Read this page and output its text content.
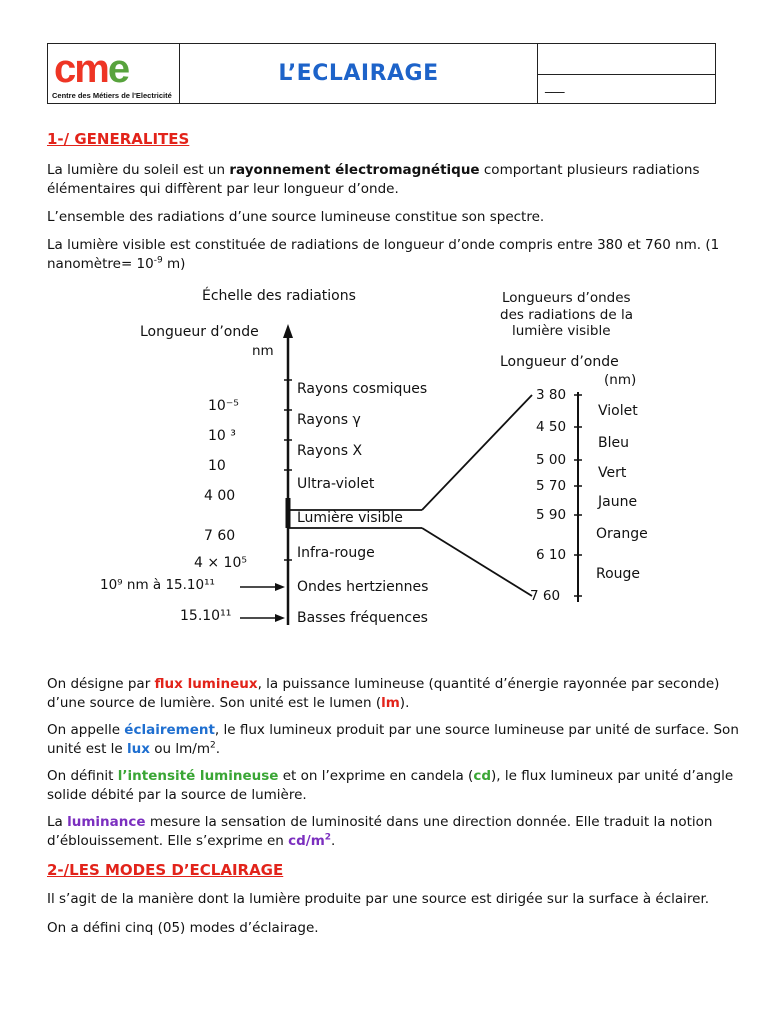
cme
Centre des Métiers de l'Electricité
L’ECLAIRAGE
___
1-/ GENERALITES
La lumière du soleil est un rayonnement électromagnétique comportant plusieurs radiations élémentaires qui diffèrent par leur longueur d’onde.
L’ensemble des radiations d’une source lumineuse constitue son spectre.
La lumière visible est constituée de radiations de longueur d’onde compris entre 380 et 760 nm. (1 nanomètre= $10^{-9}$ m)
Échelle des radiations
Longueur d’onde
nm
10⁻⁵
10 ³
10
4 00
7 60
4 × 10⁵
10⁹ nm à 15.10¹¹
15.10¹¹
Rayons cosmiques
Rayons γ
Rayons X
Ultra-violet
Lumière visible
Infra-rouge
Ondes hertziennes
Basses fréquences
Longueurs d’ondes
des radiations de la
lumière visible
Longueur d’onde
(nm)
3 80
4 50
5 00
5 70
5 90
6 10
7 60
Violet
Bleu
Vert
Jaune
Orange
Rouge
On désigne par flux lumineux, la puissance lumineuse (quantité d’énergie rayonnée par seconde) d’une source de lumière. Son unité est le lumen (lm).
On appelle éclairement, le flux lumineux produit par une source lumineuse par unité de surface. Son unité est le lux ou $lm/m^2$.
On définit l’intensité lumineuse et on l’exprime en candela (cd), le flux lumineux par unité d’angle solide débité par la source de lumière.
La luminance mesure la sensation de luminosité dans une direction donnée. Elle traduit la notion d’éblouissement. Elle s’exprime en $cd/m^2$.
2-/LES MODES D’ECLAIRAGE
Il s’agit de la manière dont la lumière produite par une source est dirigée sur la surface à éclairer.
On a défini cinq (05) modes d’éclairage.
